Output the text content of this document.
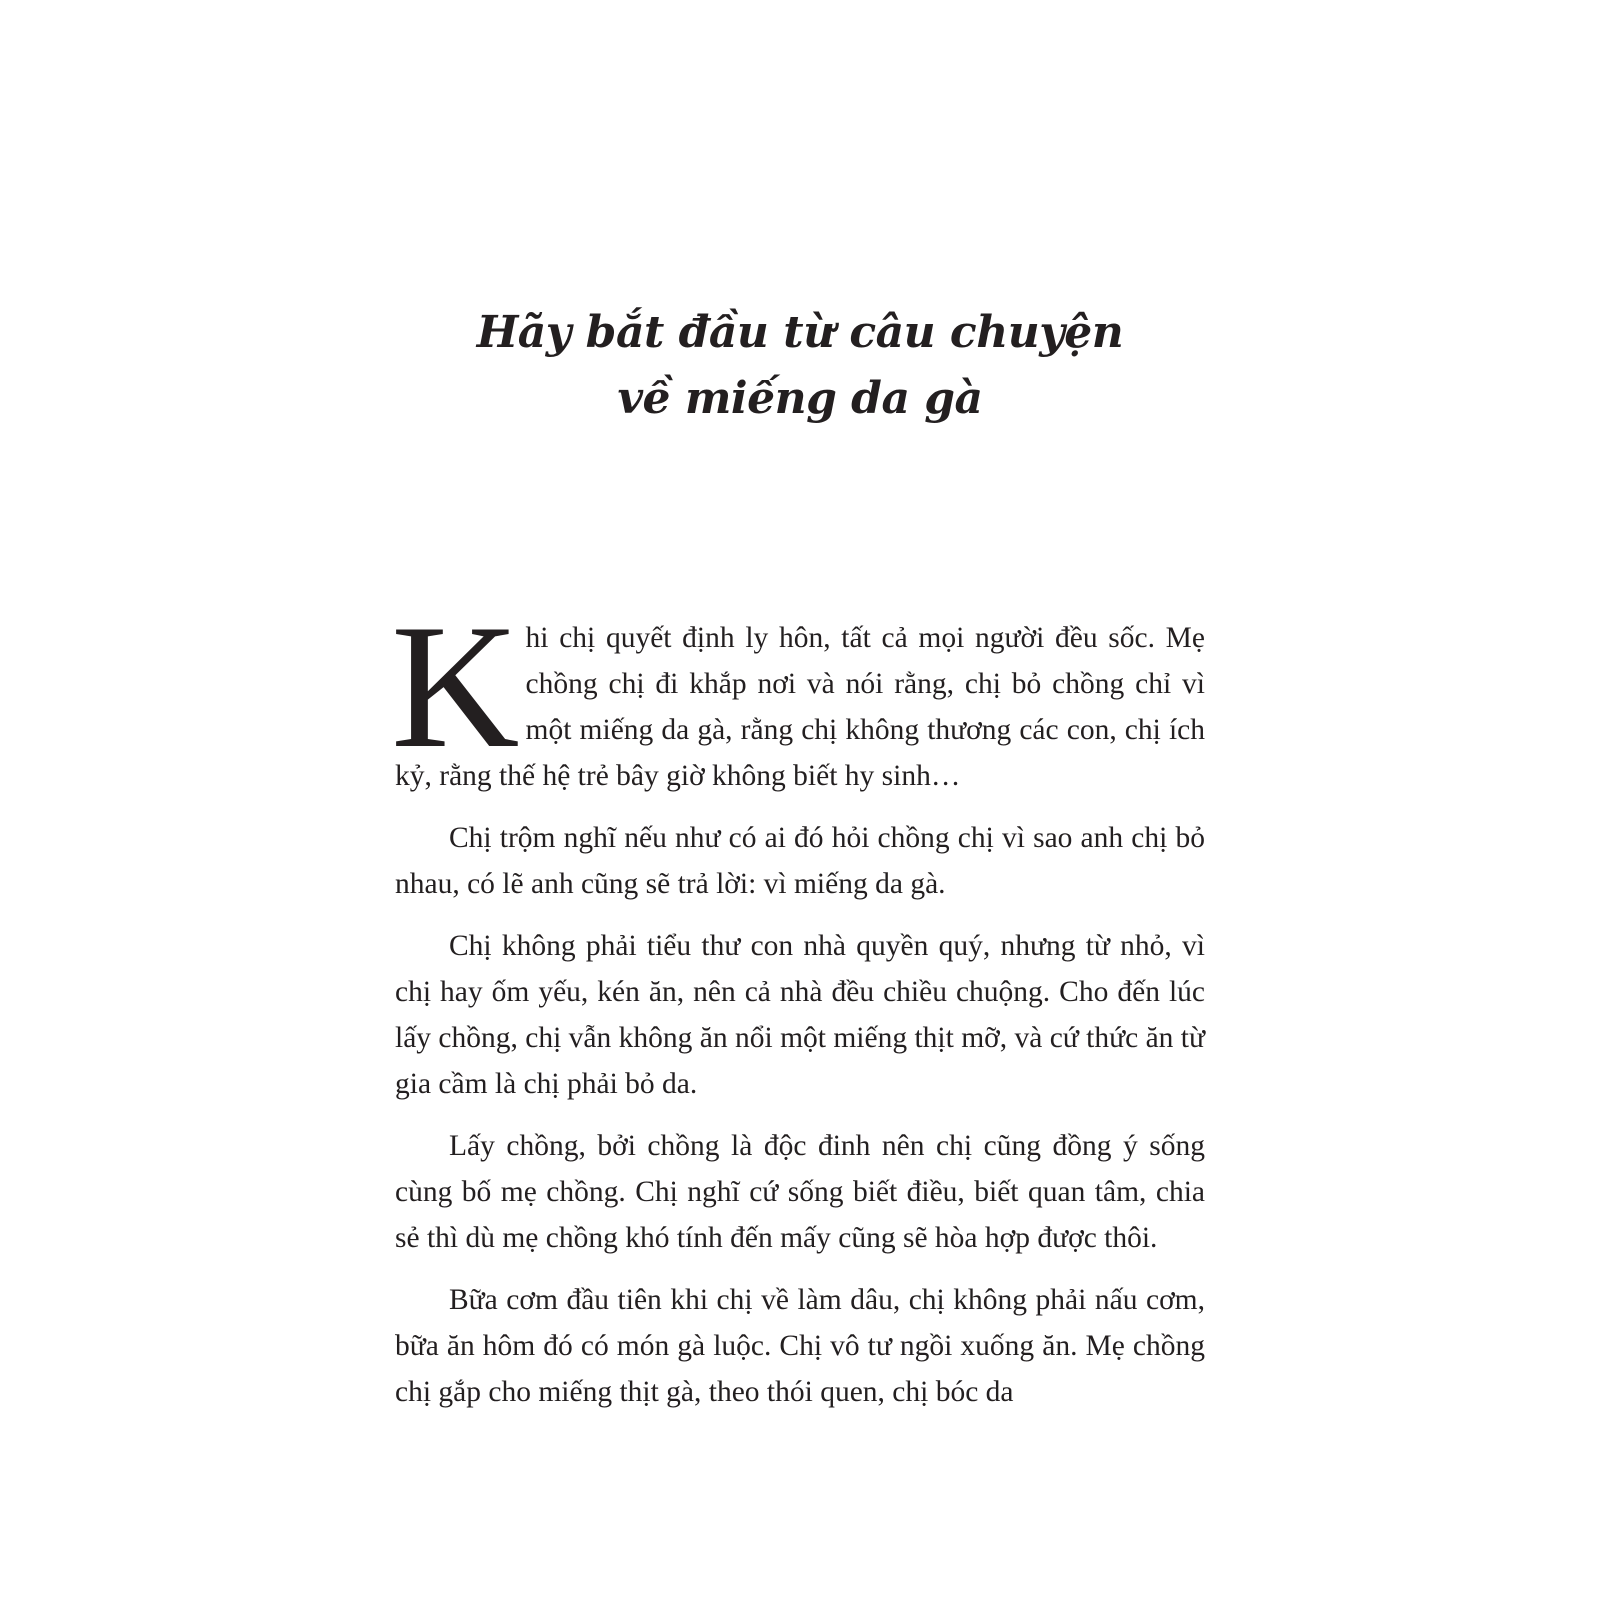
Hãy bắt đầu từ câu chuyện
về miếng da gà

Khi chị quyết định ly hôn, tất cả mọi người đều sốc. Mẹ chồng chị đi khắp nơi và nói rằng, chị bỏ chồng chỉ vì một miếng da gà, rằng chị không thương các con, chị ích kỷ, rằng thế hệ trẻ bây giờ không biết hy sinh…

Chị trộm nghĩ nếu như có ai đó hỏi chồng chị vì sao anh chị bỏ nhau, có lẽ anh cũng sẽ trả lời: vì miếng da gà.

Chị không phải tiểu thư con nhà quyền quý, nhưng từ nhỏ, vì chị hay ốm yếu, kén ăn, nên cả nhà đều chiều chuộng. Cho đến lúc lấy chồng, chị vẫn không ăn nổi một miếng thịt mỡ, và cứ thức ăn từ gia cầm là chị phải bỏ da.

Lấy chồng, bởi chồng là độc đinh nên chị cũng đồng ý sống cùng bố mẹ chồng. Chị nghĩ cứ sống biết điều, biết quan tâm, chia sẻ thì dù mẹ chồng khó tính đến mấy cũng sẽ hòa hợp được thôi.

Bữa cơm đầu tiên khi chị về làm dâu, chị không phải nấu cơm, bữa ăn hôm đó có món gà luộc. Chị vô tư ngồi xuống ăn. Mẹ chồng chị gắp cho miếng thịt gà, theo thói quen, chị bóc da
